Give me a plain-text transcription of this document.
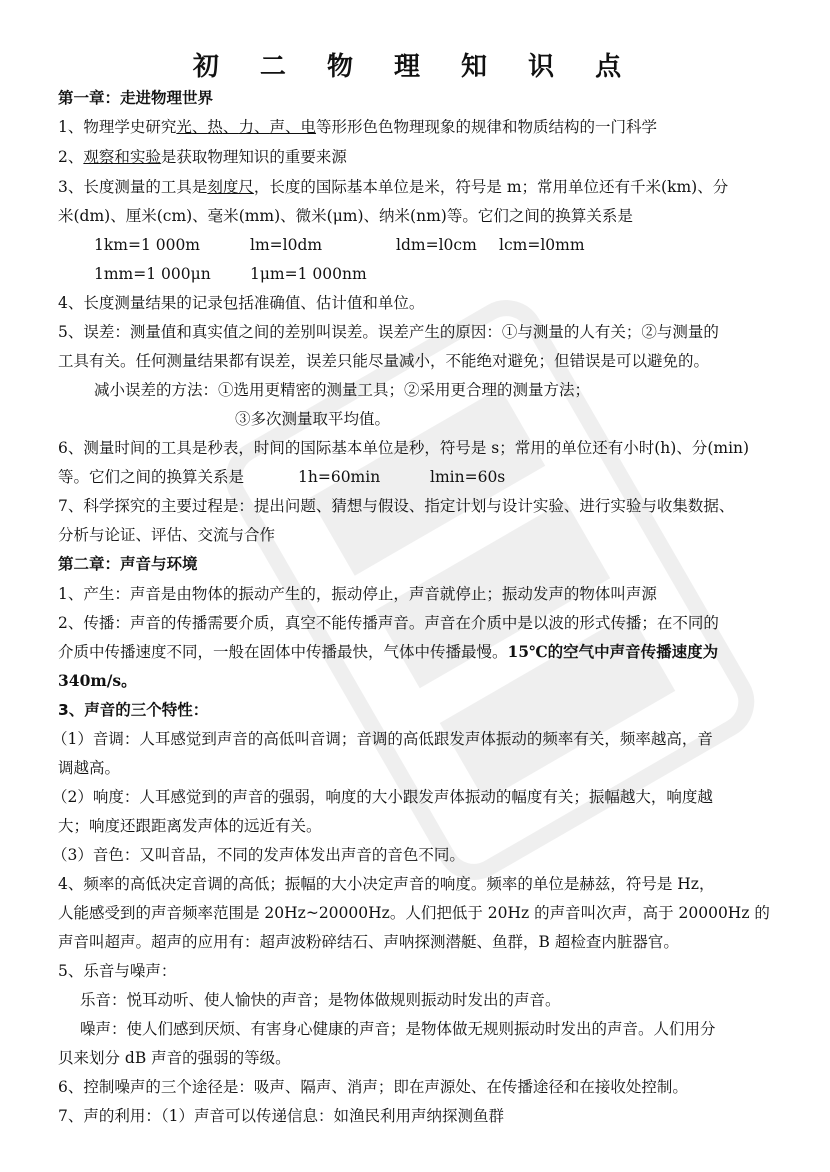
初 二 物 理 知 识 点
第一章：走进物理世界
1、物理学史研究光、热、力、声、电等形形色色物理现象的规律和物质结构的一门科学
2、观察和实验是获取物理知识的重要来源
3、长度测量的工具是刻度尺，长度的国际基本单位是米，符号是 m；常用单位还有千米(km)、分
米(dm)、厘米(cm)、毫米(mm)、微米(μm)、纳米(nm)等。它们之间的换算关系是
1km=1 000m	lm=l0dm	ldm=l0cm lcm=l0mm
1mm=1 000μn	1μm=1 000nm
4、长度测量结果的记录包括准确值、估计值和单位。
5、误差：测量值和真实值之间的差别叫误差。误差产生的原因：①与测量的人有关；②与测量的
工具有关。任何测量结果都有误差，误差只能尽量减小，不能绝对避免；但错误是可以避免的。
减小误差的方法：①选用更精密的测量工具；②采用更合理的测量方法；
③多次测量取平均值。
6、测量时间的工具是秒表，时间的国际基本单位是秒，符号是 s；常用的单位还有小时(h)、分(min)
等。它们之间的换算关系是	1h=60min	lmin=60s
7、科学探究的主要过程是：提出问题、猜想与假设、指定计划与设计实验、进行实验与收集数据、
分析与论证、评估、交流与合作
第二章：声音与环境
1、产生：声音是由物体的振动产生的，振动停止，声音就停止；振动发声的物体叫声源
2、传播：声音的传播需要介质，真空不能传播声音。声音在介质中是以波的形式传播；在不同的
介质中传播速度不同，一般在固体中传播最快，气体中传播最慢。15℃的空气中声音传播速度为
340m/s。
3、声音的三个特性：
（1）音调：人耳感觉到声音的高低叫音调；音调的高低跟发声体振动的频率有关，频率越高，音
调越高。
（2）响度：人耳感觉到的声音的强弱，响度的大小跟发声体振动的幅度有关；振幅越大，响度越
大；响度还跟距离发声体的远近有关。
（3）音色：又叫音品，不同的发声体发出声音的音色不同。
4、频率的高低决定音调的高低；振幅的大小决定声音的响度。频率的单位是赫兹，符号是 Hz，
人能感受到的声音频率范围是 20Hz~20000Hz。人们把低于 20Hz 的声音叫次声，高于 20000Hz 的
声音叫超声。超声的应用有：超声波粉碎结石、声呐探测潜艇、鱼群，B 超检查内脏器官。
5、乐音与噪声：
乐音：悦耳动听、使人愉快的声音；是物体做规则振动时发出的声音。
噪声：使人们感到厌烦、有害身心健康的声音；是物体做无规则振动时发出的声音。人们用分
贝来划分 dB 声音的强弱的等级。
6、控制噪声的三个途径是：吸声、隔声、消声；即在声源处、在传播途径和在接收处控制。
7、声的利用：（1）声音可以传递信息：如渔民利用声纳探测鱼群
